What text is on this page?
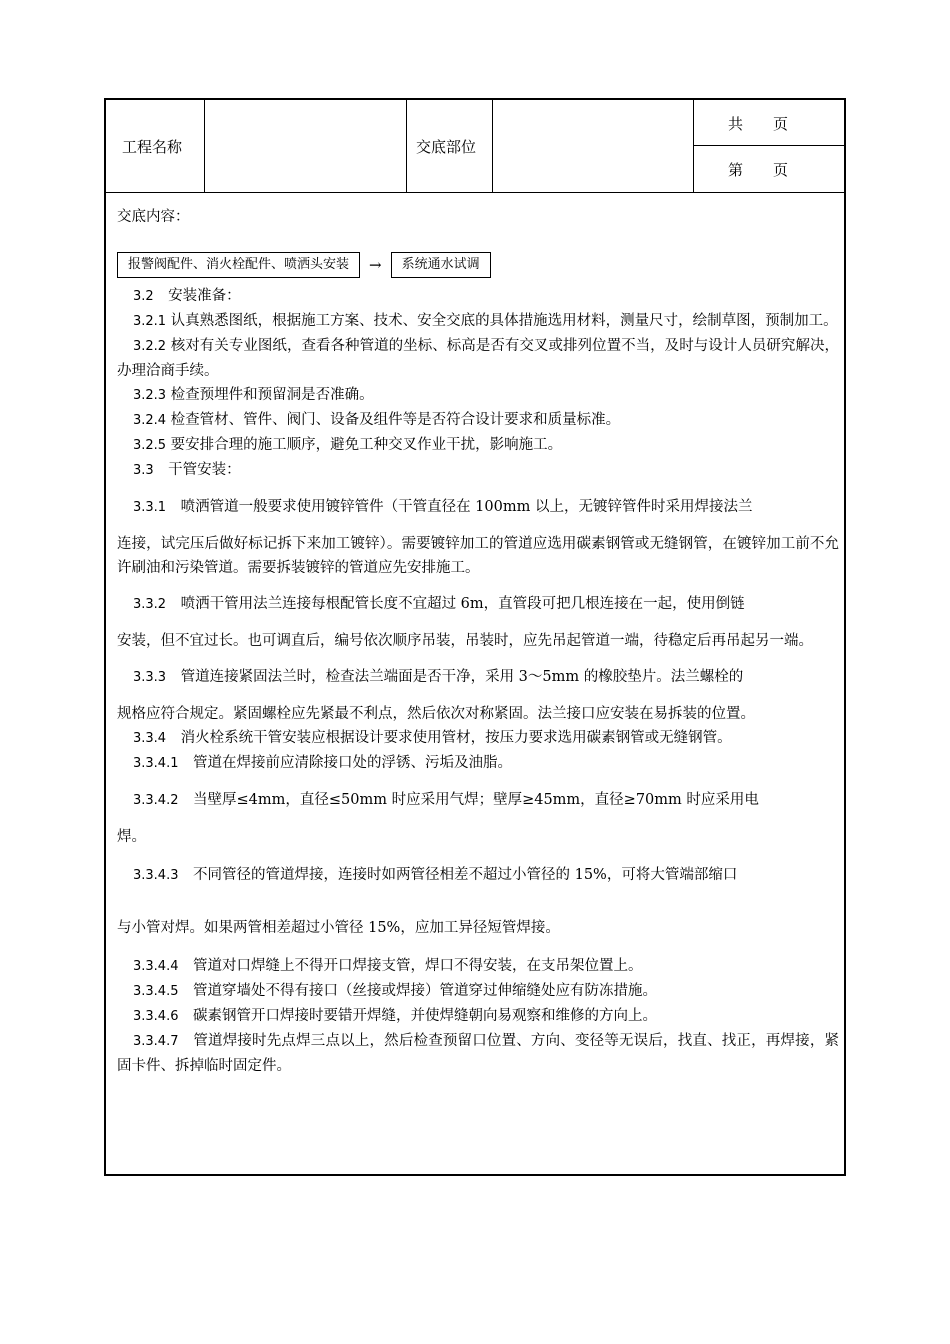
工程名称	交底部位
共　　页
第　　页
交底内容：
报警阀配件、消火栓配件、喷洒头安装	→	系统通水试调

3.2　安装准备：

3.2.1 认真熟悉图纸，根据施工方案、技术、安全交底的具体措施选用材料，测量尺寸，绘制草图，预制加工。

3.2.2 核对有关专业图纸，查看各种管道的坐标、标高是否有交叉或排列位置不当，及时与设计人员研究解决，办理洽商手续。

3.2.3 检查预埋件和预留洞是否准确。

3.2.4 检查管材、管件、阀门、设备及组件等是否符合设计要求和质量标准。

3.2.5 要安排合理的施工顺序，避免工种交叉作业干扰，影响施工。

3.3　干管安装：

3.3.1　喷洒管道一般要求使用镀锌管件（干管直径在 100mm 以上，无镀锌管件时采用焊接法兰

连接，试完压后做好标记拆下来加工镀锌）。需要镀锌加工的管道应选用碳素钢管或无缝钢管，在镀锌加工前不允许刷油和污染管道。需要拆装镀锌的管道应先安排施工。

3.3.2　喷洒干管用法兰连接每根配管长度不宜超过 6m，直管段可把几根连接在一起，使用倒链

安装，但不宜过长。也可调直后，编号依次顺序吊装，吊装时，应先吊起管道一端，待稳定后再吊起另一端。

3.3.3　管道连接紧固法兰时，检查法兰端面是否干净，采用 3～5mm 的橡胶垫片。法兰螺栓的

规格应符合规定。紧固螺栓应先紧最不利点，然后依次对称紧固。法兰接口应安装在易拆装的位置。

3.3.4　消火栓系统干管安装应根据设计要求使用管材，按压力要求选用碳素钢管或无缝钢管。

3.3.4.1　管道在焊接前应清除接口处的浮锈、污垢及油脂。

3.3.4.2　当壁厚≤4mm，直径≤50mm 时应采用气焊；壁厚≥45mm，直径≥70mm 时应采用电

焊。

3.3.4.3　不同管径的管道焊接，连接时如两管径相差不超过小管径的 15%，可将大管端部缩口

与小管对焊。如果两管相差超过小管径 15%，应加工异径短管焊接。

3.3.4.4　管道对口焊缝上不得开口焊接支管，焊口不得安装，在支吊架位置上。

3.3.4.5　管道穿墙处不得有接口（丝接或焊接）管道穿过伸缩缝处应有防冻措施。

3.3.4.6　碳素钢管开口焊接时要错开焊缝，并使焊缝朝向易观察和维修的方向上。

3.3.4.7　管道焊接时先点焊三点以上，然后检查预留口位置、方向、变径等无误后，找直、找正，再焊接，紧固卡件、拆掉临时固定件。
